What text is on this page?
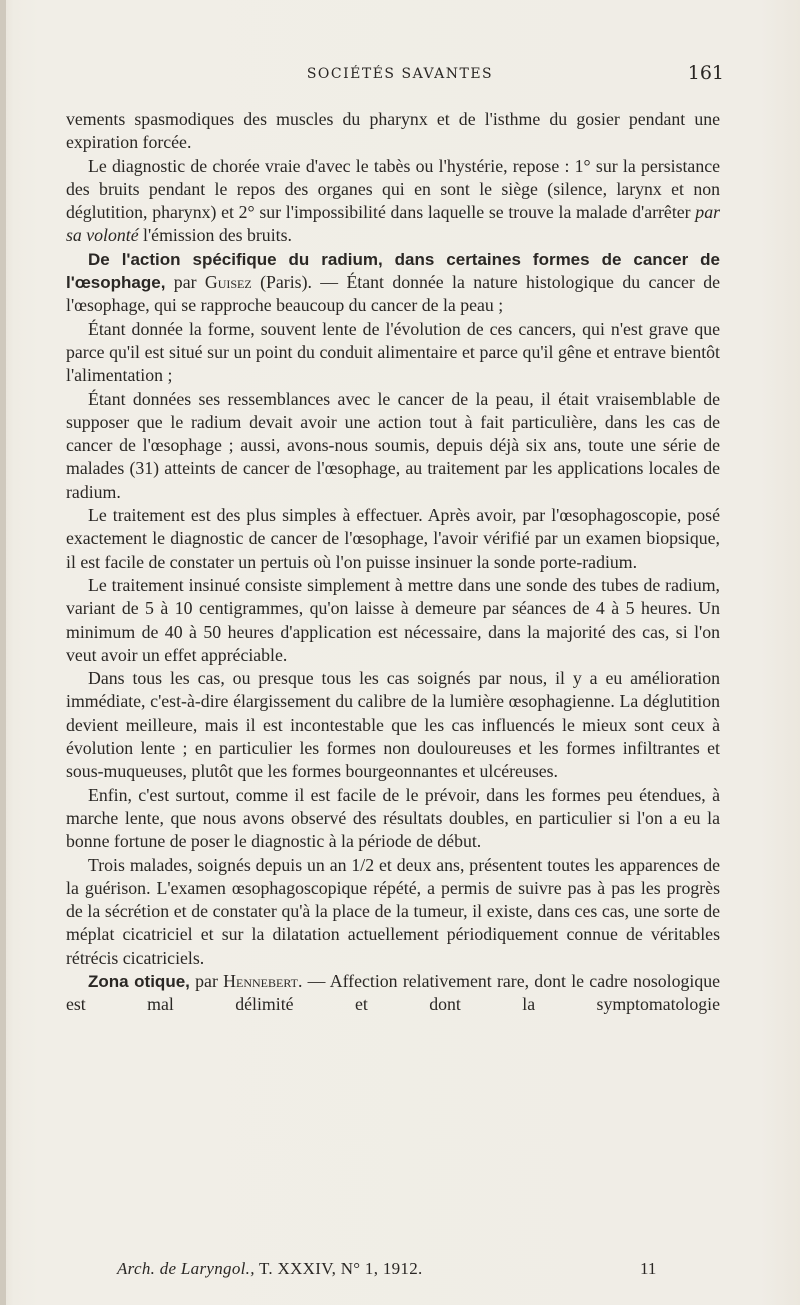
SOCIÉTÉS SAVANTES	161

vements spasmodiques des muscles du pharynx et de l'isthme du gosier pendant une expiration forcée.

Le diagnostic de chorée vraie d'avec le tabès ou l'hystérie, repose : 1° sur la persistance des bruits pendant le repos des organes qui en sont le siège (silence, larynx et non déglutition, pharynx) et 2° sur l'impossibilité dans laquelle se trouve la malade d'arrêter par sa volonté l'émission des bruits.

De l'action spécifique du radium, dans certaines formes de cancer de l'œsophage, par Guisez (Paris). — Étant donnée la nature histologique du cancer de l'œsophage, qui se rapproche beaucoup du cancer de la peau ;

Étant donnée la forme, souvent lente de l'évolution de ces cancers, qui n'est grave que parce qu'il est situé sur un point du conduit alimentaire et parce qu'il gêne et entrave bientôt l'alimentation ;

Étant données ses ressemblances avec le cancer de la peau, il était vraisemblable de supposer que le radium devait avoir une action tout à fait particulière, dans les cas de cancer de l'œsophage ; aussi, avons-nous soumis, depuis déjà six ans, toute une série de malades (31) atteints de cancer de l'œsophage, au traitement par les applications locales de radium.

Le traitement est des plus simples à effectuer. Après avoir, par l'œsophagoscopie, posé exactement le diagnostic de cancer de l'œsophage, l'avoir vérifié par un examen biopsique, il est facile de constater un pertuis où l'on puisse insinuer la sonde porte-radium.

Le traitement insinué consiste simplement à mettre dans une sonde des tubes de radium, variant de 5 à 10 centigrammes, qu'on laisse à demeure par séances de 4 à 5 heures. Un minimum de 40 à 50 heures d'application est nécessaire, dans la majorité des cas, si l'on veut avoir un effet appréciable.

Dans tous les cas, ou presque tous les cas soignés par nous, il y a eu amélioration immédiate, c'est-à-dire élargissement du calibre de la lumière œsophagienne. La déglutition devient meilleure, mais il est incontestable que les cas influencés le mieux sont ceux à évolution lente ; en particulier les formes non douloureuses et les formes infiltrantes et sous-muqueuses, plutôt que les formes bourgeonnantes et ulcéreuses.

Enfin, c'est surtout, comme il est facile de le prévoir, dans les formes peu étendues, à marche lente, que nous avons observé des résultats doubles, en particulier si l'on a eu la bonne fortune de poser le diagnostic à la période de début.

Trois malades, soignés depuis un an 1/2 et deux ans, présentent toutes les apparences de la guérison. L'examen œsophagoscopique répété, a permis de suivre pas à pas les progrès de la sécrétion et de constater qu'à la place de la tumeur, il existe, dans ces cas, une sorte de méplat cicatriciel et sur la dilatation actuellement périodiquement connue de véritables rétrécis cicatriciels.

Zona otique, par Hennebert. — Affection relativement rare, dont le cadre nosologique est mal délimité et dont la symptomatologie

Arch. de Laryngol., T. XXXIV, N° 1, 1912.	11
